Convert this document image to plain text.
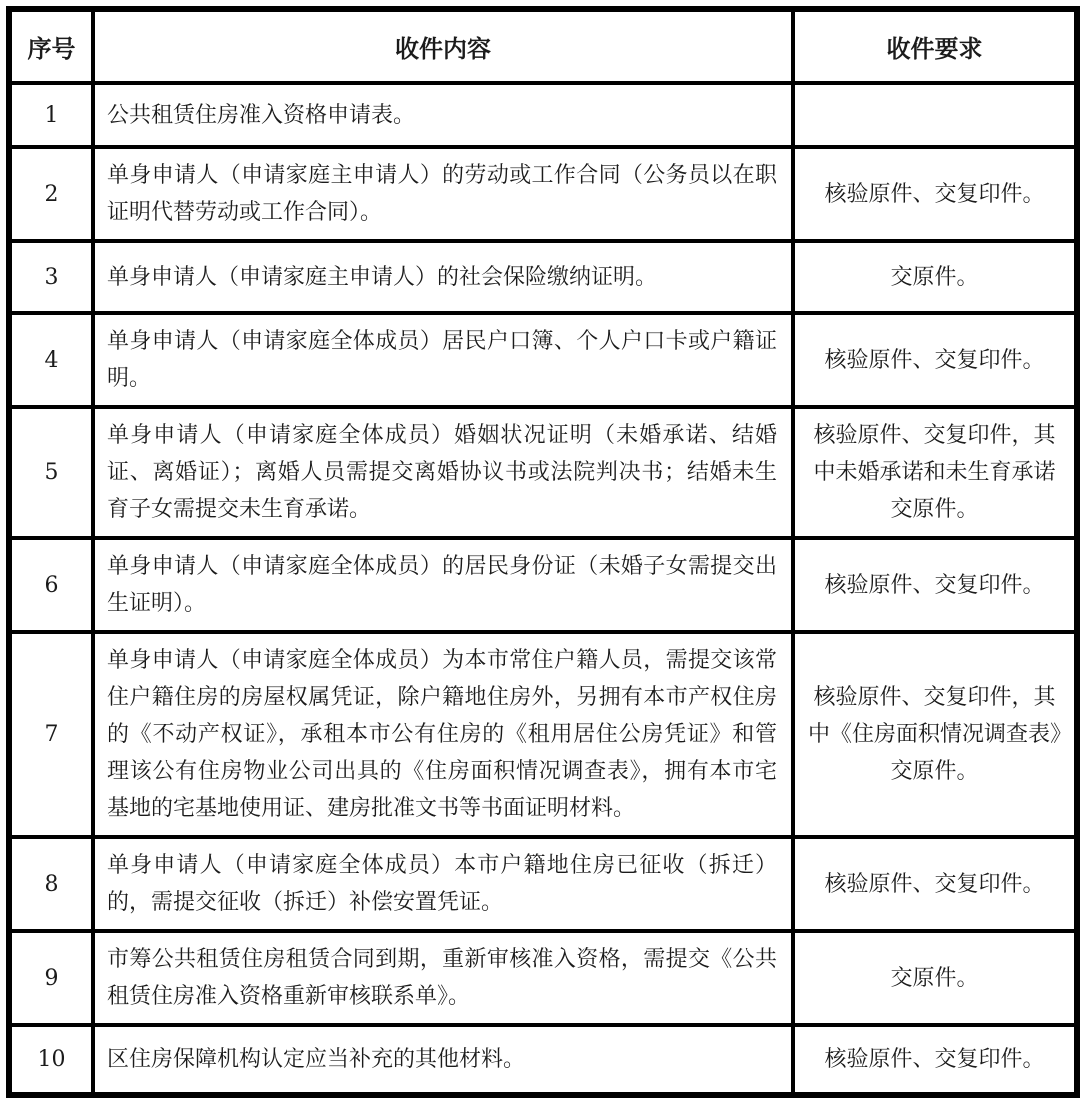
序号	收件内容	收件要求
1	公共租赁住房准入资格申请表。	
2	单身申请人（申请家庭主申请人）的劳动或工作合同（公务员以在职证明代替劳动或工作合同）。	核验原件、交复印件。
3	单身申请人（申请家庭主申请人）的社会保险缴纳证明。	交原件。
4	单身申请人（申请家庭全体成员）居民户口簿、个人户口卡或户籍证明。	核验原件、交复印件。
5	单身申请人（申请家庭全体成员）婚姻状况证明（未婚承诺、结婚证、离婚证）；离婚人员需提交离婚协议书或法院判决书；结婚未生育子女需提交未生育承诺。	核验原件、交复印件，其中未婚承诺和未生育承诺交原件。
6	单身申请人（申请家庭全体成员）的居民身份证（未婚子女需提交出生证明）。	核验原件、交复印件。
7	单身申请人（申请家庭全体成员）为本市常住户籍人员，需提交该常住户籍住房的房屋权属凭证，除户籍地住房外，另拥有本市产权住房的《不动产权证》，承租本市公有住房的《租用居住公房凭证》和管理该公有住房物业公司出具的《住房面积情况调查表》，拥有本市宅基地的宅基地使用证、建房批准文书等书面证明材料。	核验原件、交复印件，其中《住房面积情况调查表》交原件。
8	单身申请人（申请家庭全体成员）本市户籍地住房已征收（拆迁）的，需提交征收（拆迁）补偿安置凭证。	核验原件、交复印件。
9	市筹公共租赁住房租赁合同到期，重新审核准入资格，需提交《公共租赁住房准入资格重新审核联系单》。	交原件。
10	区住房保障机构认定应当补充的其他材料。	核验原件、交复印件。
